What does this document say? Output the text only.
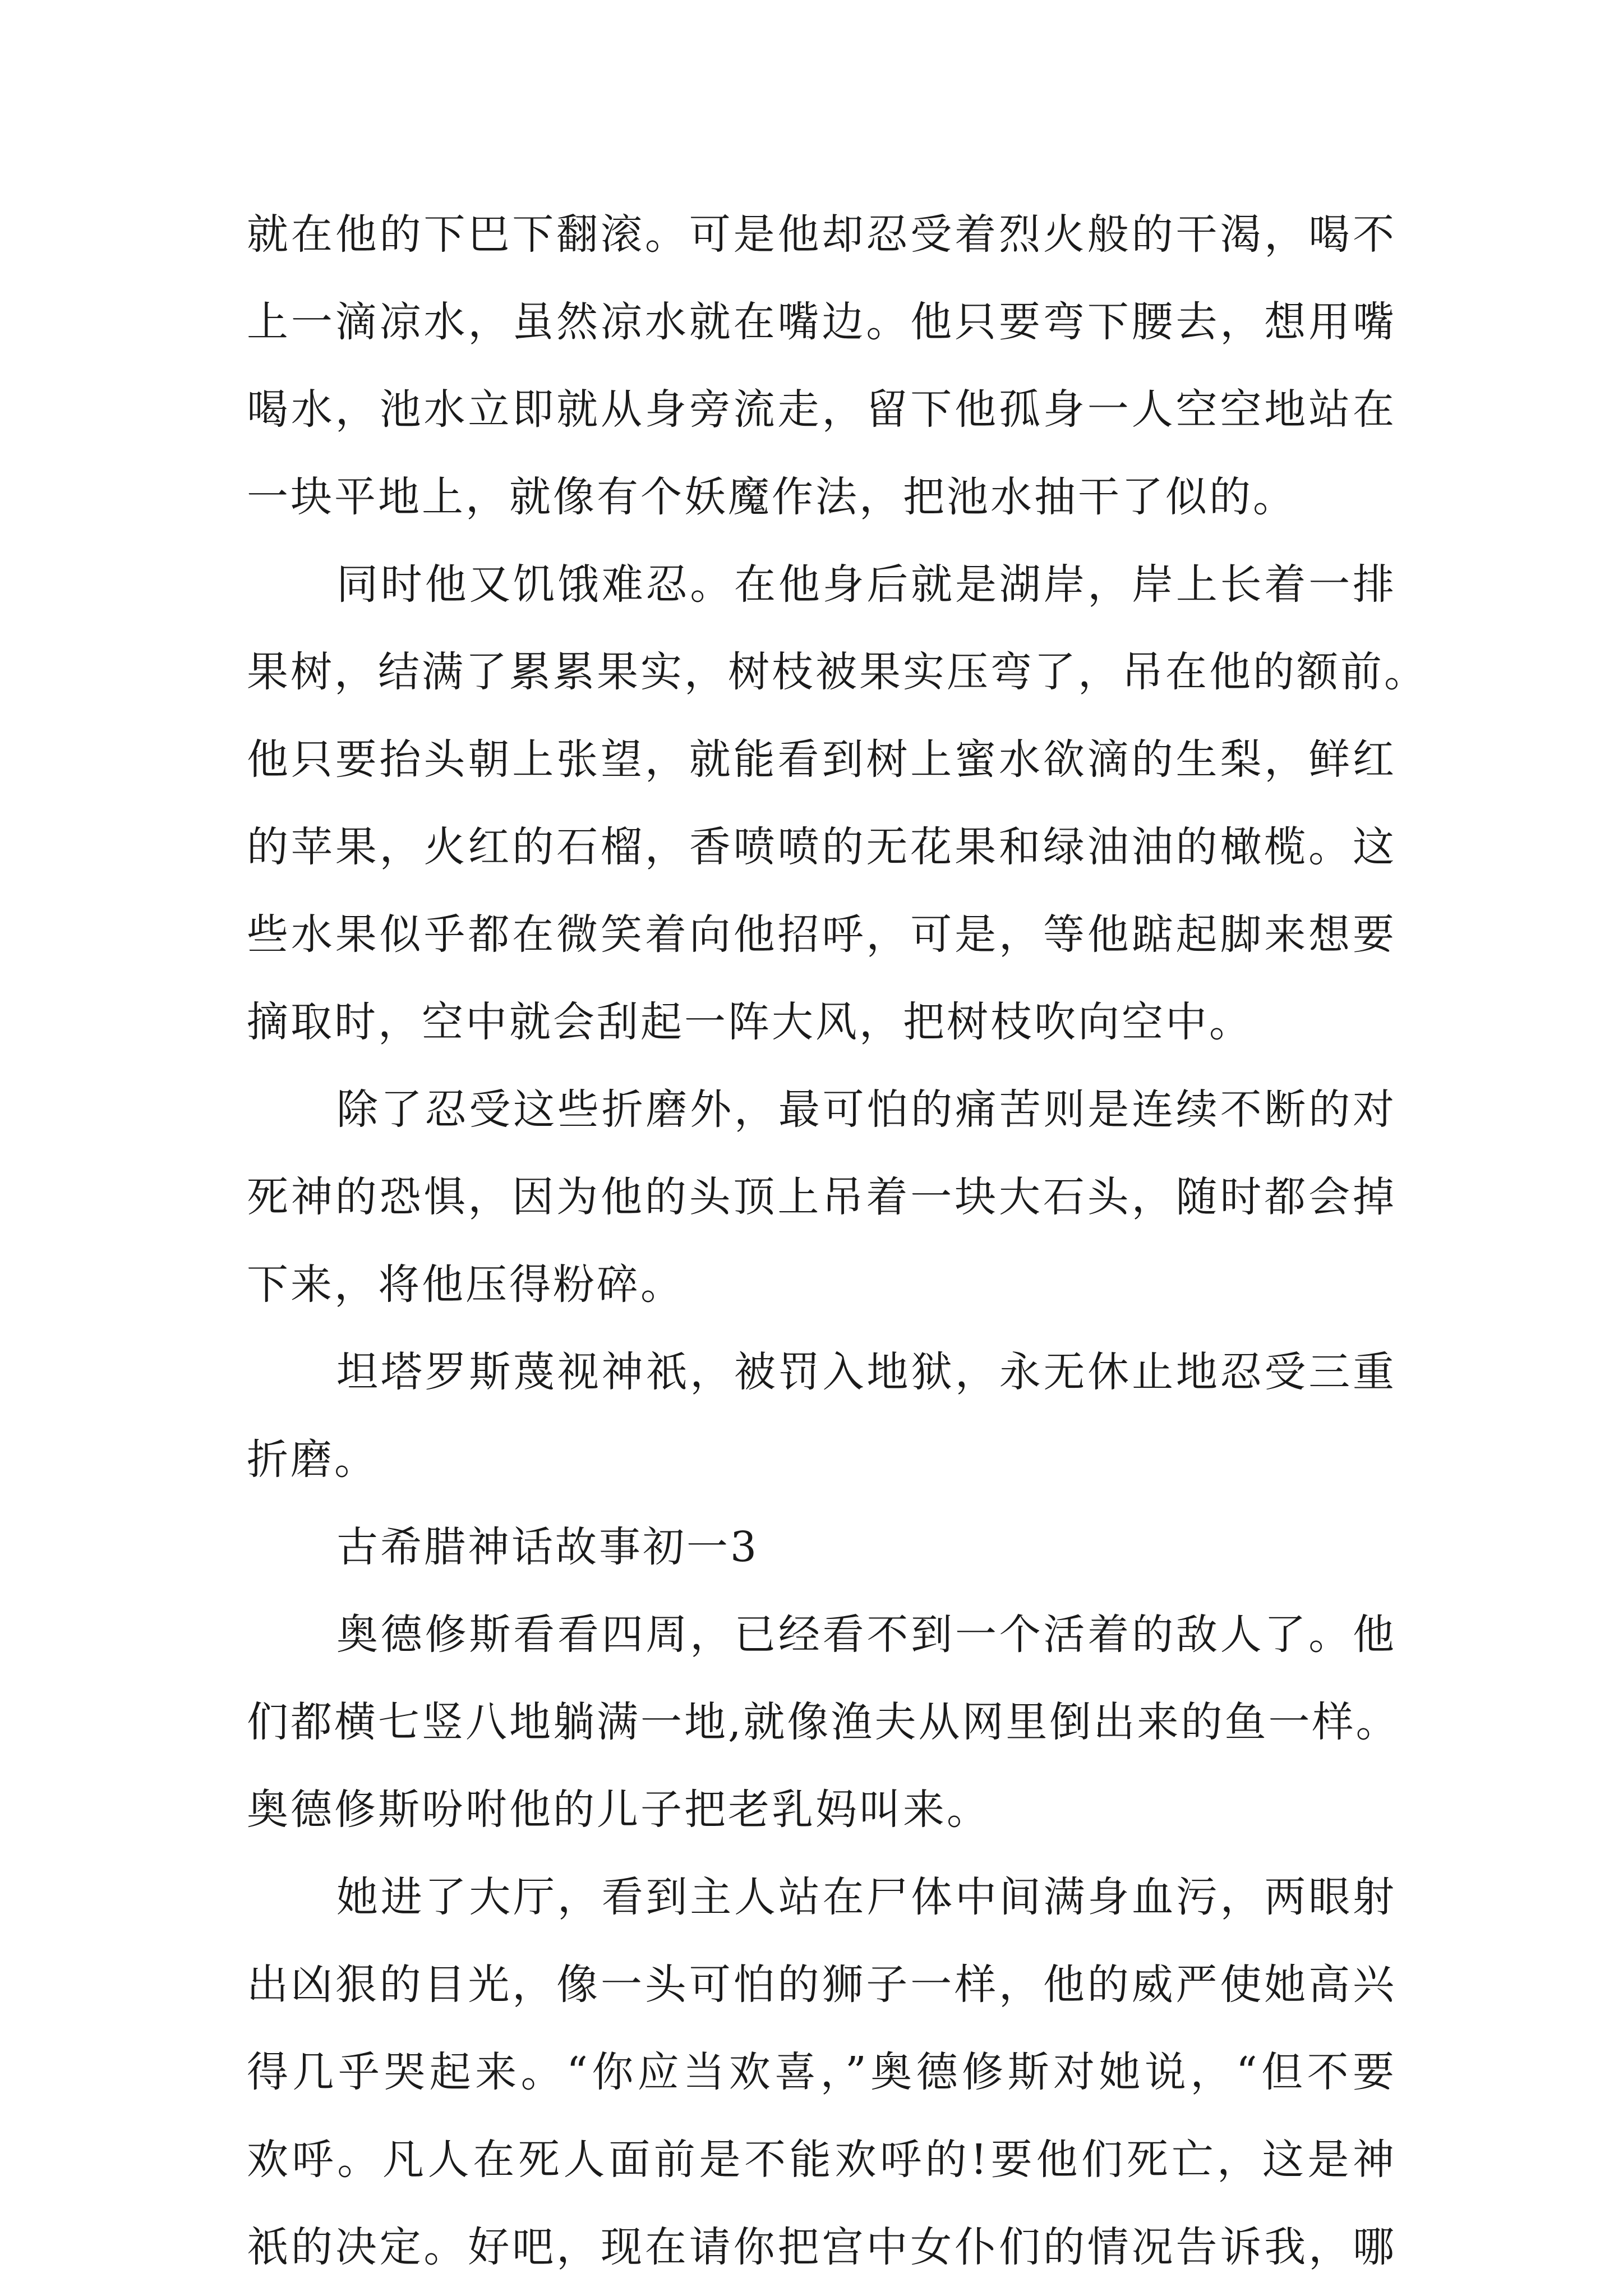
就在他的下巴下翻滚。可是他却忍受着烈火般的干渴，喝不
上一滴凉水，虽然凉水就在嘴边。他只要弯下腰去，想用嘴
喝水，池水立即就从身旁流走，留下他孤身一人空空地站在
一块平地上，就像有个妖魔作法，把池水抽干了似的。
同时他又饥饿难忍。在他身后就是湖岸，岸上长着一排
果树，结满了累累果实，树枝被果实压弯了，吊在他的额前。
他只要抬头朝上张望，就能看到树上蜜水欲滴的生梨，鲜红
的苹果，火红的石榴，香喷喷的无花果和绿油油的橄榄。这
些水果似乎都在微笑着向他招呼，可是，等他踮起脚来想要
摘取时，空中就会刮起一阵大风，把树枝吹向空中。
除了忍受这些折磨外，最可怕的痛苦则是连续不断的对
死神的恐惧，因为他的头顶上吊着一块大石头，随时都会掉
下来，将他压得粉碎。
坦塔罗斯蔑视神祇，被罚入地狱，永无休止地忍受三重
折磨。
古希腊神话故事初一3
奥德修斯看看四周，已经看不到一个活着的敌人了。他
们都横七竖八地躺满一地,就像渔夫从网里倒出来的鱼一样。
奥德修斯吩咐他的儿子把老乳妈叫来。
她进了大厅，看到主人站在尸体中间满身血污，两眼射
出凶狠的目光，像一头可怕的狮子一样，他的威严使她高兴
得几乎哭起来。“你应当欢喜，”奥德修斯对她说，“但不要
欢呼。凡人在死人面前是不能欢呼的!要他们死亡，这是神
祇的决定。好吧，现在请你把宫中女仆们的情况告诉我，哪
